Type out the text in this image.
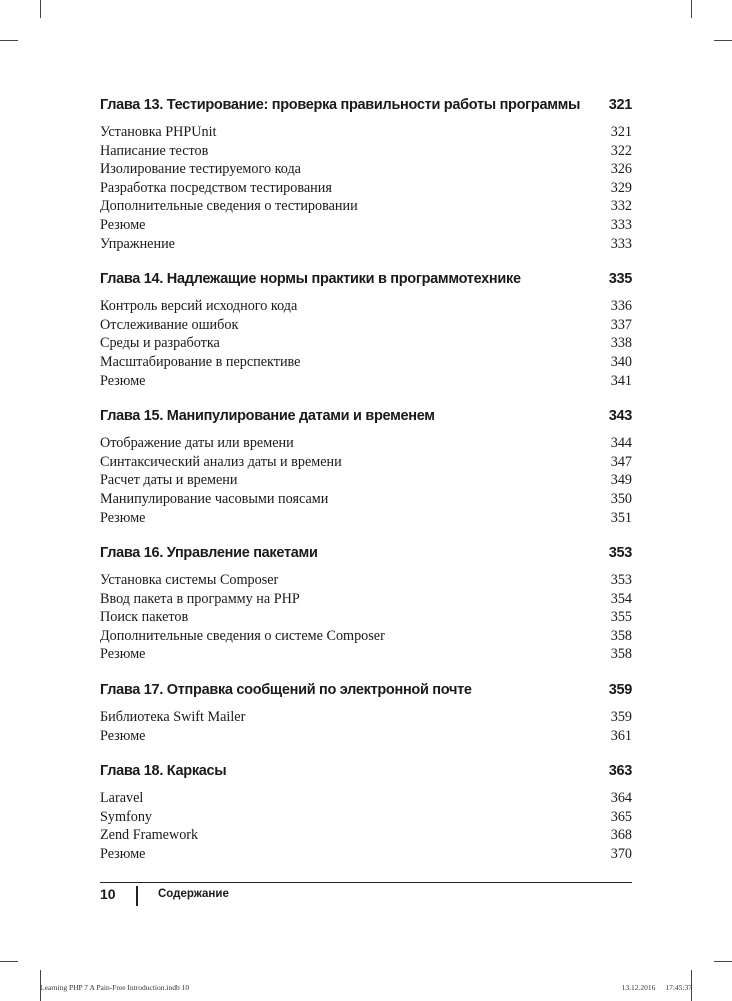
Глава 13. Тестирование: проверка правильности работы программы 321
Установка PHPUnit	321
Написание тестов	322
Изолирование тестируемого кода	326
Разработка посредством тестирования	329
Дополнительные сведения о тестировании	332
Резюме	333
Упражнение	333
Глава 14. Надлежащие нормы практики в программотехнике	335
Контроль версий исходного кода	336
Отслеживание ошибок	337
Среды и разработка	338
Масштабирование в перспективе	340
Резюме	341
Глава 15. Манипулирование датами и временем	343
Отображение даты или времени	344
Синтаксический анализ даты и времени	347
Расчет даты и времени	349
Манипулирование часовыми поясами	350
Резюме	351
Глава 16. Управление пакетами	353
Установка системы Composer	353
Ввод пакета в программу на PHP	354
Поиск пакетов	355
Дополнительные сведения о системе Composer	358
Резюме	358
Глава 17. Отправка сообщений по электронной почте	359
Библиотека Swift Mailer	359
Резюме	361
Глава 18. Каркасы	363
Laravel	364
Symfony	365
Zend Framework	368
Резюме	370
10	Содержание
Learning PHP 7 A Pain-Free Introduction.indb 10	13.12.2016 17:45:37
